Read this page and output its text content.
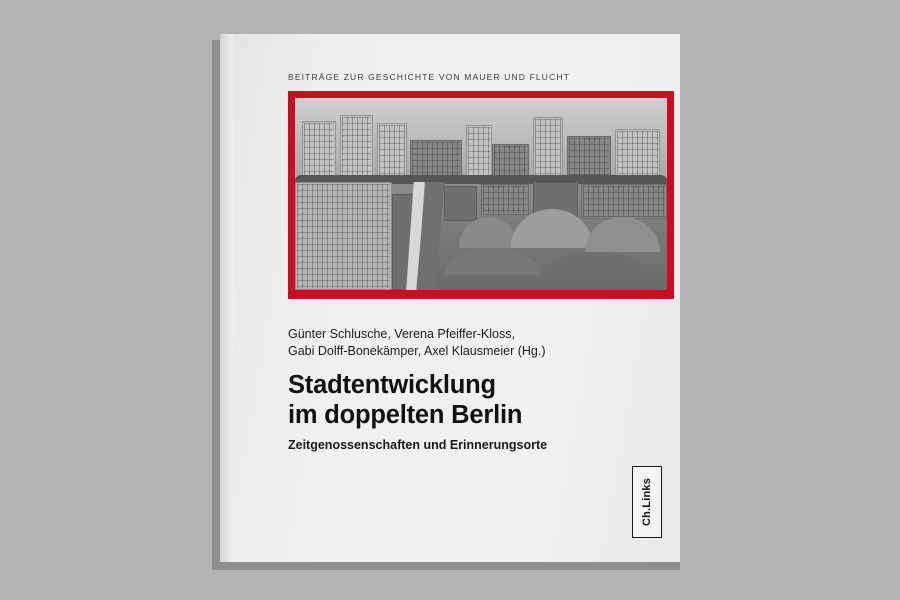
BEITRÄGE ZUR GESCHICHTE VON MAUER UND FLUCHT
Günter Schlusche, Verena Pfeiffer-Kloss,
Gabi Dolff-Bonekämper, Axel Klausmeier (Hg.)
Stadtentwicklung
im doppelten Berlin
Zeitgenossenschaften und Erinnerungsorte
Ch.Links
